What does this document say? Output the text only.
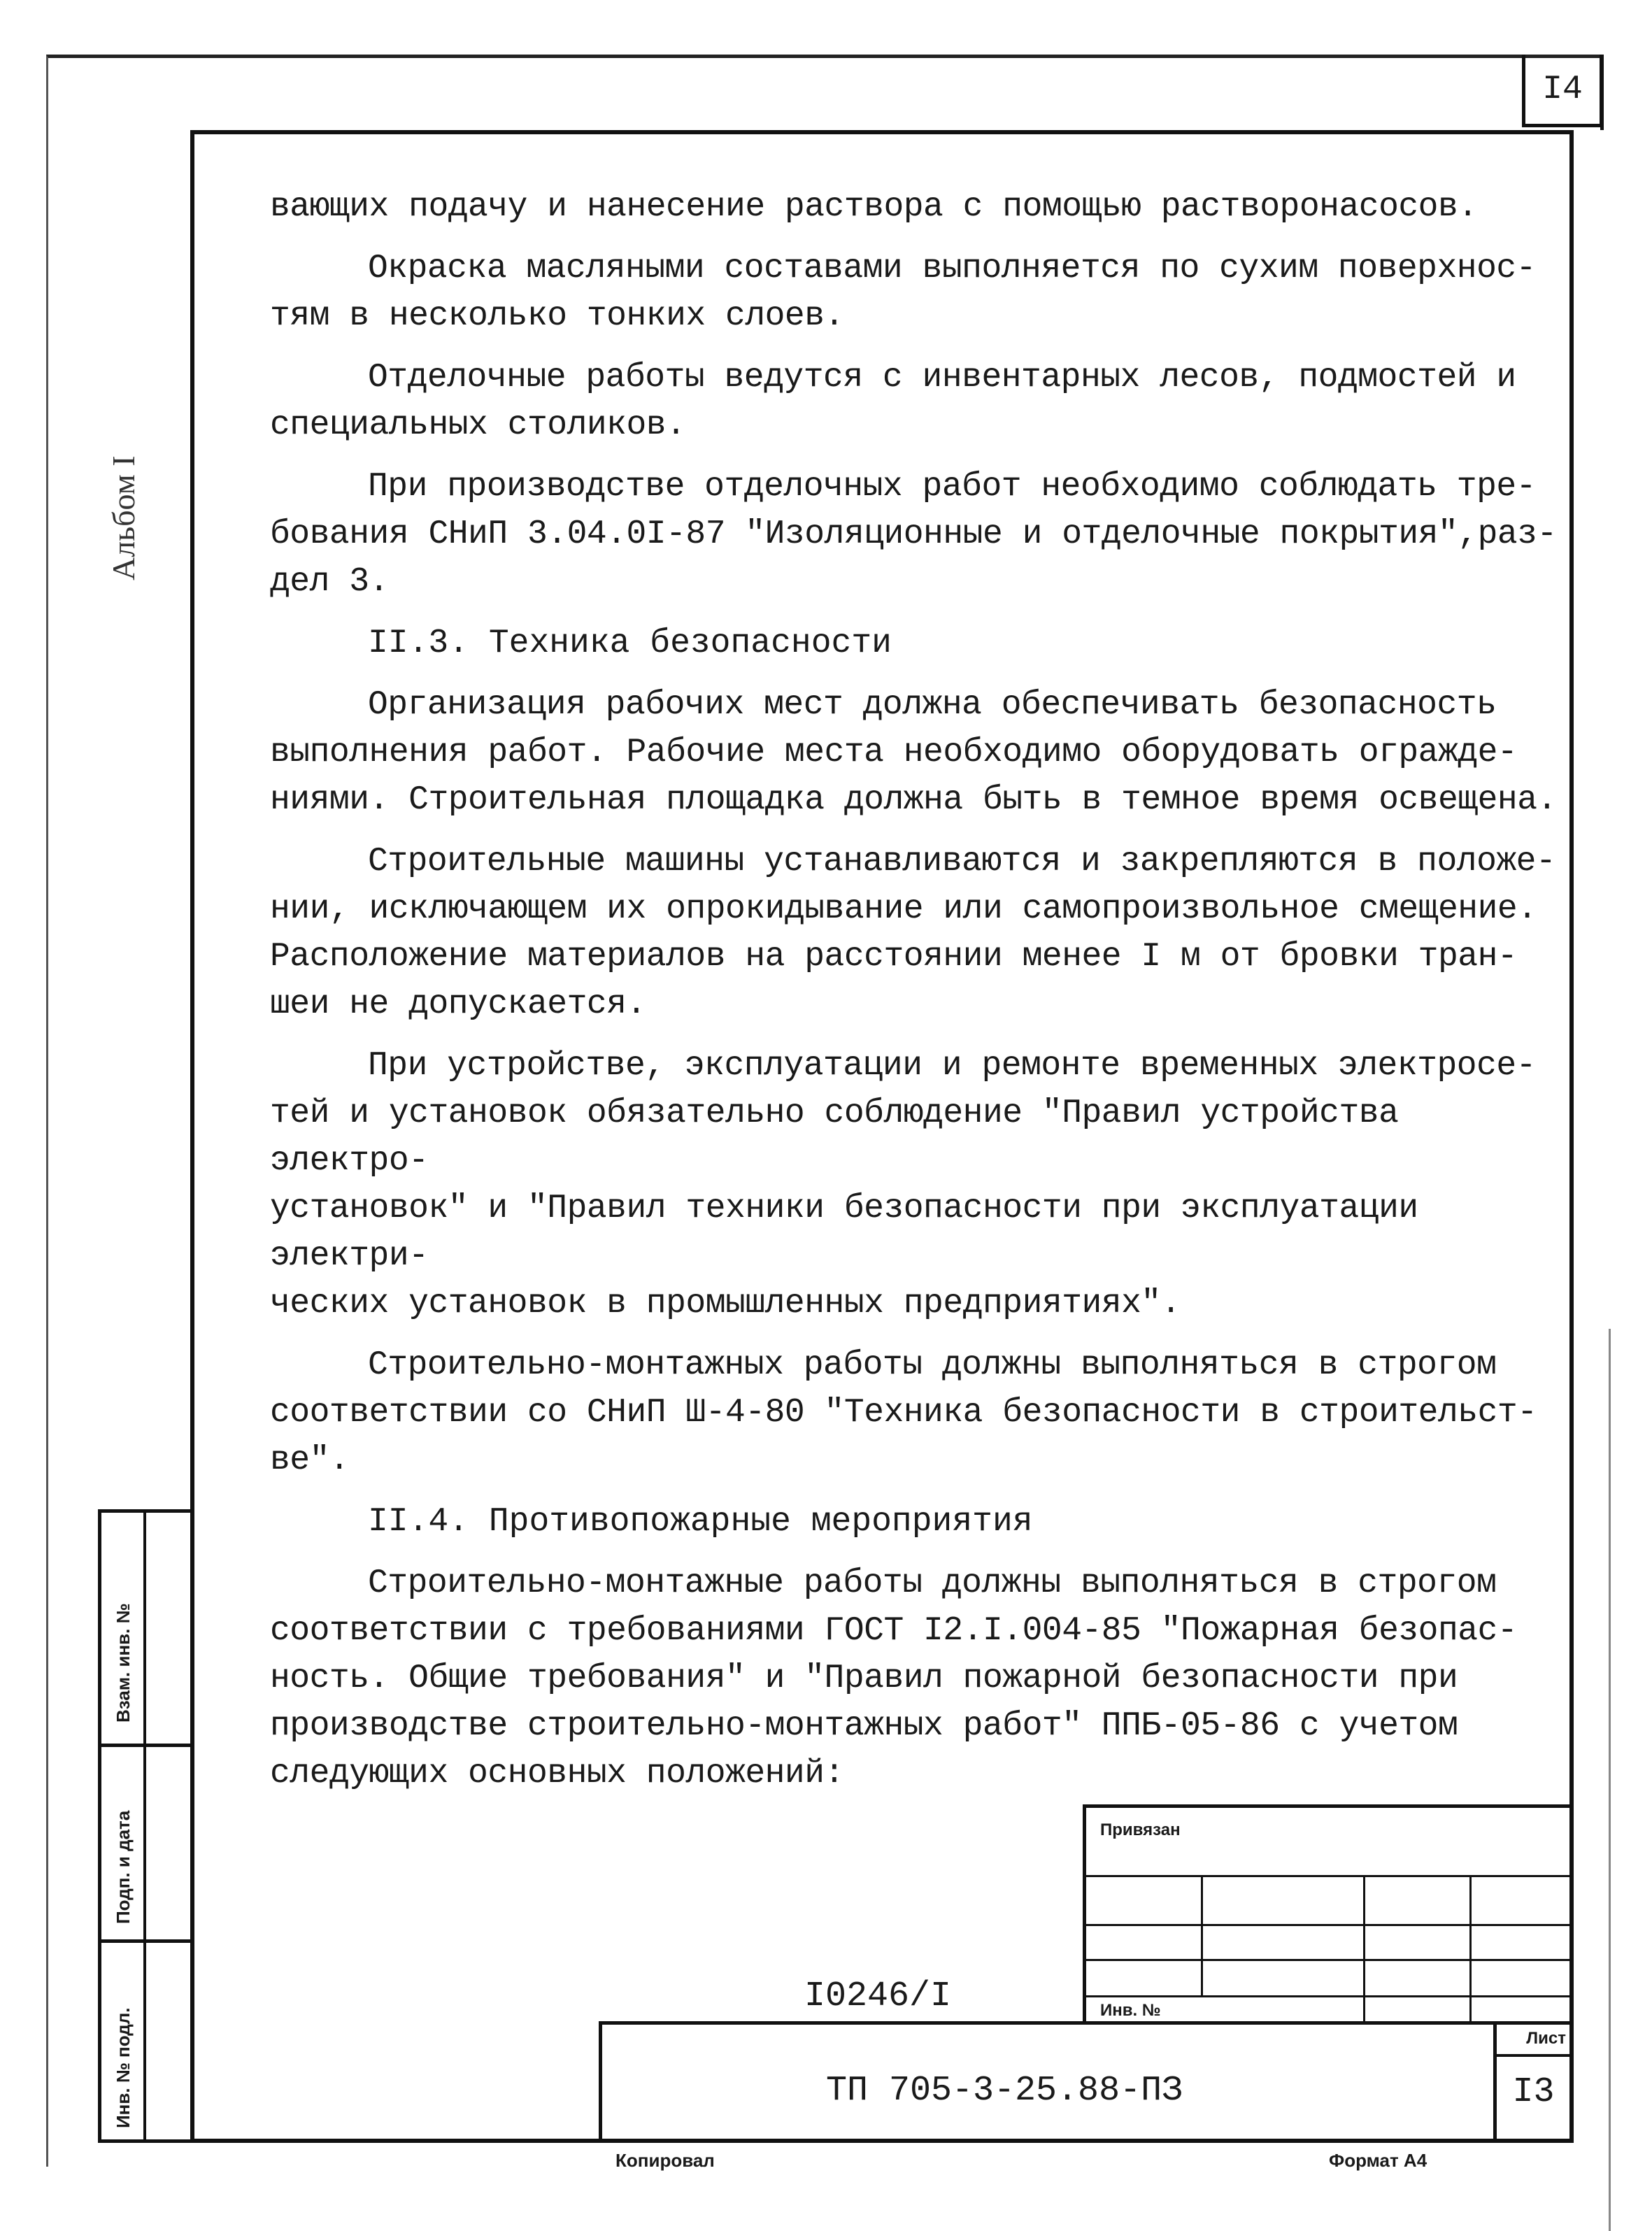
I4
Альбом I

вающих подачу и нанесение раствора с помощью растворонасосов.

Окраска масляными составами выполняется по сухим поверхнос-
тям в несколько тонких слоев.

Отделочные работы ведутся с инвентарных лесов, подмостей и
специальных столиков.

При производстве отделочных работ необходимо соблюдать тре-
бования СНиП 3.04.0I-87 "Изоляционные и отделочные покрытия",раз-
дел 3.

II.3. Техника безопасности

Организация рабочих мест должна обеспечивать безопасность
выполнения работ. Рабочие места необходимо оборудовать огражде-
ниями. Строительная площадка должна быть в темное время освещена.

Строительные машины устанавливаются и закрепляются в положе-
нии, исключающем их опрокидывание или самопроизвольное смещение.
Расположение материалов на расстоянии менее I м от бровки тран-
шеи не допускается.

При устройстве, эксплуатации и ремонте временных электросе-
тей и установок обязательно соблюдение "Правил устройства электро-
установок" и "Правил техники безопасности при эксплуатации электри-
ческих установок в промышленных предприятиях".

Строительно-монтажных работы должны выполняться в строгом
соответствии со СНиП Ш-4-80 "Техника безопасности в строительст-
ве".

II.4. Противопожарные мероприятия

Строительно-монтажные работы должны выполняться в строгом
соответствии с требованиями ГОСТ I2.I.004-85 "Пожарная безопас-
ность. Общие требования" и "Правил пожарной безопасности при
производстве строительно-монтажных работ" ППБ-05-86 с учетом
следующих основных положений:

Взам. инв. №
Подп. и дата
Инв. № подл.
Привязан
Инв. №
I0246/I
ТП 705-3-25.88-ПЗ
Лист
I3
Копировал	Формат А4
